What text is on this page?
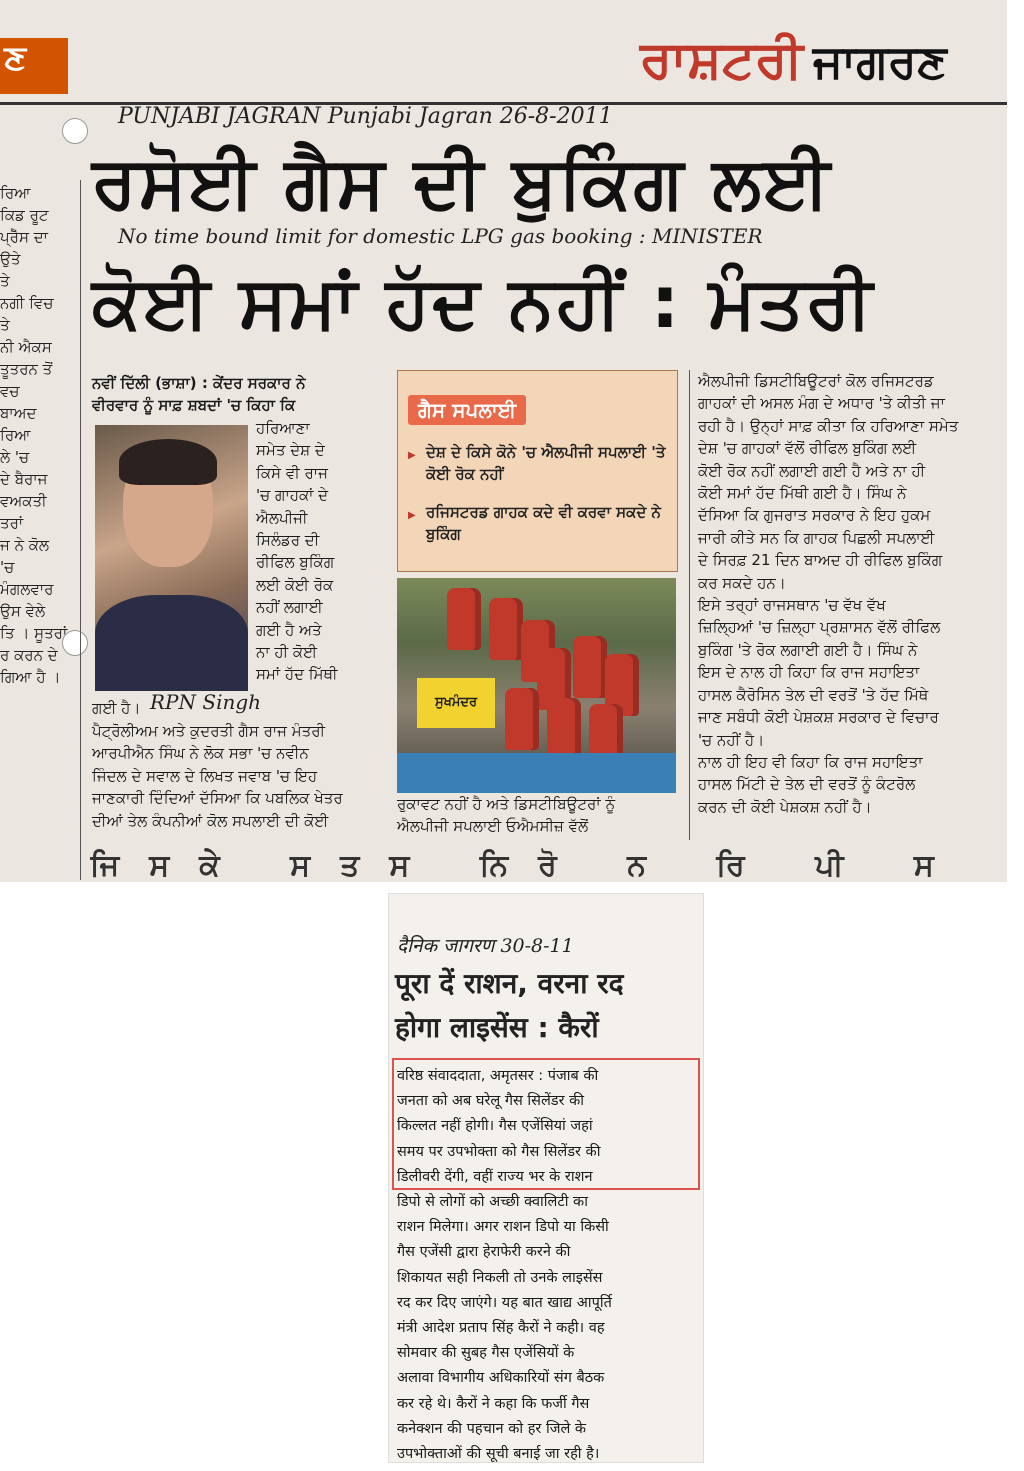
ਣ	ਰਾਸ਼ਟਰੀ ਜਾਗਰਣ
PUNJABI JAGRAN Punjabi Jagran 26-8-2011
ਰਸੋਈ ਗੈਸ ਦੀ ਬੁਕਿੰਗ ਲਈ
No time bound limit for domestic LPG gas booking : MINISTER
ਕੋਈ ਸਮਾਂ ਹੱਦ ਨਹੀਂ : ਮੰਤਰੀ
ਰਿਆ
ਕਿਡ ਰੂਟ
ਪ੍ਰੈੱਸ ਦਾ
ਉਤੇ
ਤੇ
ਨਗੀ ਵਿਚ
ਤੇ
ਨੀ ਐਕਸ
ਤੂਤਰਨ ਤੋਂ
ਵਚ
ਬਾਅਦ
ਰਿਆ
ਲੇ 'ਚ
ਦੇ ਬੈਰਾਜ
ਵਅਕਤੀ
ਤਰਾਂ
ਜ ਨੇ ਕੋਲ
'ਚ
ਮੰਗਲਵਾਰ
ਉਸ ਵੇਲੇ
ਤਿ । ਸੂਤਰਾਂ
ਰ ਕਰਨ ਦੇ
ਗਿਆ ਹੈ ।
ਨਵੀਂ ਦਿੱਲੀ (ਭਾਸ਼ਾ) : ਕੇਂਦਰ ਸਰਕਾਰ ਨੇ
ਵੀਰਵਾਰ ਨੂੰ ਸਾਫ਼ ਸ਼ਬਦਾਂ 'ਚ ਕਿਹਾ ਕਿ
ਹਰਿਆਣਾ
ਸਮੇਤ ਦੇਸ਼ ਦੇ
ਕਿਸੇ ਵੀ ਰਾਜ
'ਚ ਗਾਹਕਾਂ ਦੇ
ਐਲਪੀਜੀ
ਸਿਲੰਡਰ ਦੀ
ਰੀਫਿਲ ਬੁਕਿੰਗ
ਲਈ ਕੋਈ ਰੋਕ
ਨਹੀਂ ਲਗਾਈ
ਗਈ ਹੈ ਅਤੇ
ਨਾ ਹੀ ਕੋਈ
ਸਮਾਂ ਹੱਦ ਮਿੱਥੀ
ਗਈ ਹੈ। RPN Singh
ਪੈਟ੍ਰੋਲੀਅਮ ਅਤੇ ਕੁਦਰਤੀ ਗੈਸ ਰਾਜ ਮੰਤਰੀ
ਆਰਪੀਐਨ ਸਿੰਘ ਨੇ ਲੋਕ ਸਭਾ 'ਚ ਨਵੀਨ
ਜਿੰਦਲ ਦੇ ਸਵਾਲ ਦੇ ਲਿਖਤ ਜਵਾਬ 'ਚ ਇਹ
ਜਾਣਕਾਰੀ ਦਿੰਦਿਆਂ ਦੱਸਿਆ ਕਿ ਪਬਲਿਕ ਖੇਤਰ
ਦੀਆਂ ਤੇਲ ਕੰਪਨੀਆਂ ਕੋਲ ਸਪਲਾਈ ਦੀ ਕੋਈ
ਗੈਸ ਸਪਲਾਈ
▶ ਦੇਸ਼ ਦੇ ਕਿਸੇ ਕੋਨੇ 'ਚ ਐਲਪੀਜੀ ਸਪਲਾਈ 'ਤੇ ਕੋਈ ਰੋਕ ਨਹੀਂ
▶ ਰਜਿਸਟਰਡ ਗਾਹਕ ਕਦੇ ਵੀ ਕਰਵਾ ਸਕਦੇ ਨੇ ਬੁਕਿੰਗ
ਸੁਖਮੰਦਰ
ਰੁਕਾਵਟ ਨਹੀਂ ਹੈ ਅਤੇ ਡਿਸਟੀਬਿਊਟਰਾਂ ਨੂੰ
ਐਲਪੀਜੀ ਸਪਲਾਈ ਓਐਮਸੀਜ਼ ਵੱਲੋਂ
ਐਲਪੀਜੀ ਡਿਸਟੀਬਿਊਟਰਾਂ ਕੋਲ ਰਜਿਸਟਰਡ
ਗਾਹਕਾਂ ਦੀ ਅਸਲ ਮੰਗ ਦੇ ਅਧਾਰ 'ਤੇ ਕੀਤੀ ਜਾ
ਰਹੀ ਹੈ। ਉਨ੍ਹਾਂ ਸਾਫ਼ ਕੀਤਾ ਕਿ ਹਰਿਆਣਾ ਸਮੇਤ
ਦੇਸ਼ 'ਚ ਗਾਹਕਾਂ ਵੱਲੋਂ ਰੀਫਿਲ ਬੁਕਿੰਗ ਲਈ
ਕੋਈ ਰੋਕ ਨਹੀਂ ਲਗਾਈ ਗਈ ਹੈ ਅਤੇ ਨਾ ਹੀ
ਕੋਈ ਸਮਾਂ ਹੱਦ ਮਿੱਥੀ ਗਈ ਹੈ। ਸਿੰਘ ਨੇ
ਦੱਸਿਆ ਕਿ ਗੁਜਰਾਤ ਸਰਕਾਰ ਨੇ ਇਹ ਹੁਕਮ
ਜਾਰੀ ਕੀਤੇ ਸਨ ਕਿ ਗਾਹਕ ਪਿਛਲੀ ਸਪਲਾਈ
ਦੇ ਸਿਰਫ਼ 21 ਦਿਨ ਬਾਅਦ ਹੀ ਰੀਫਿਲ ਬੁਕਿੰਗ
ਕਰ ਸਕਦੇ ਹਨ।
ਇਸੇ ਤਰ੍ਹਾਂ ਰਾਜਸਥਾਨ 'ਚ ਵੱਖ ਵੱਖ
ਜ਼ਿਲ੍ਹਿਆਂ 'ਚ ਜ਼ਿਲ੍ਹਾ ਪ੍ਰਸ਼ਾਸਨ ਵੱਲੋਂ ਰੀਫਿਲ
ਬੁਕਿੰਗ 'ਤੇ ਰੋਕ ਲਗਾਈ ਗਈ ਹੈ। ਸਿੰਘ ਨੇ
ਇਸ ਦੇ ਨਾਲ ਹੀ ਕਿਹਾ ਕਿ ਰਾਜ ਸਹਾਇਤਾ
ਹਾਸਲ ਕੈਰੋਸਿਨ ਤੇਲ ਦੀ ਵਰਤੋਂ 'ਤੇ ਹੱਦ ਮਿੱਥੇ
ਜਾਣ ਸਬੰਧੀ ਕੋਈ ਪੇਸ਼ਕਸ਼ ਸਰਕਾਰ ਦੇ ਵਿਚਾਰ
'ਚ ਨਹੀਂ ਹੈ।
ਨਾਲ ਹੀ ਇਹ ਵੀ ਕਿਹਾ ਕਿ ਰਾਜ ਸਹਾਇਤਾ
ਹਾਸਲ ਮਿੱਟੀ ਦੇ ਤੇਲ ਦੀ ਵਰਤੋਂ ਨੂੰ ਕੰਟਰੋਲ
ਕਰਨ ਦੀ ਕੋਈ ਪੇਸ਼ਕਸ਼ ਨਹੀਂ ਹੈ।
ਜਿਸਕੇ ਸਤਸ ਨਿਰੋ ਨ ਰਿ ਪੀ ਸ
दैनिक जागरण 30-8-11
पूरा दें राशन, वरना रद
होगा लाइसेंस : कैरों
वरिष्ठ संवाददाता, अमृतसर : पंजाब की
जनता को अब घरेलू गैस सिलेंडर की
किल्लत नहीं होगी। गैस एजेंसियां जहां
समय पर उपभोक्ता को गैस सिलेंडर की
डिलीवरी देंगी, वहीं राज्य भर के राशन
डिपो से लोगों को अच्छी क्वालिटी का
राशन मिलेगा। अगर राशन डिपो या किसी
गैस एजेंसी द्वारा हेराफेरी करने की
शिकायत सही निकली तो उनके लाइसेंस
रद कर दिए जाएंगे। यह बात खाद्य आपूर्ति
मंत्री आदेश प्रताप सिंह कैरों ने कही। वह
सोमवार की सुबह गैस एजेंसियों के
अलावा विभागीय अधिकारियों संग बैठक
कर रहे थे। कैरों ने कहा कि फर्जी गैस
कनेक्शन की पहचान को हर जिले के
उपभोक्ताओं की सूची बनाई जा रही है।
